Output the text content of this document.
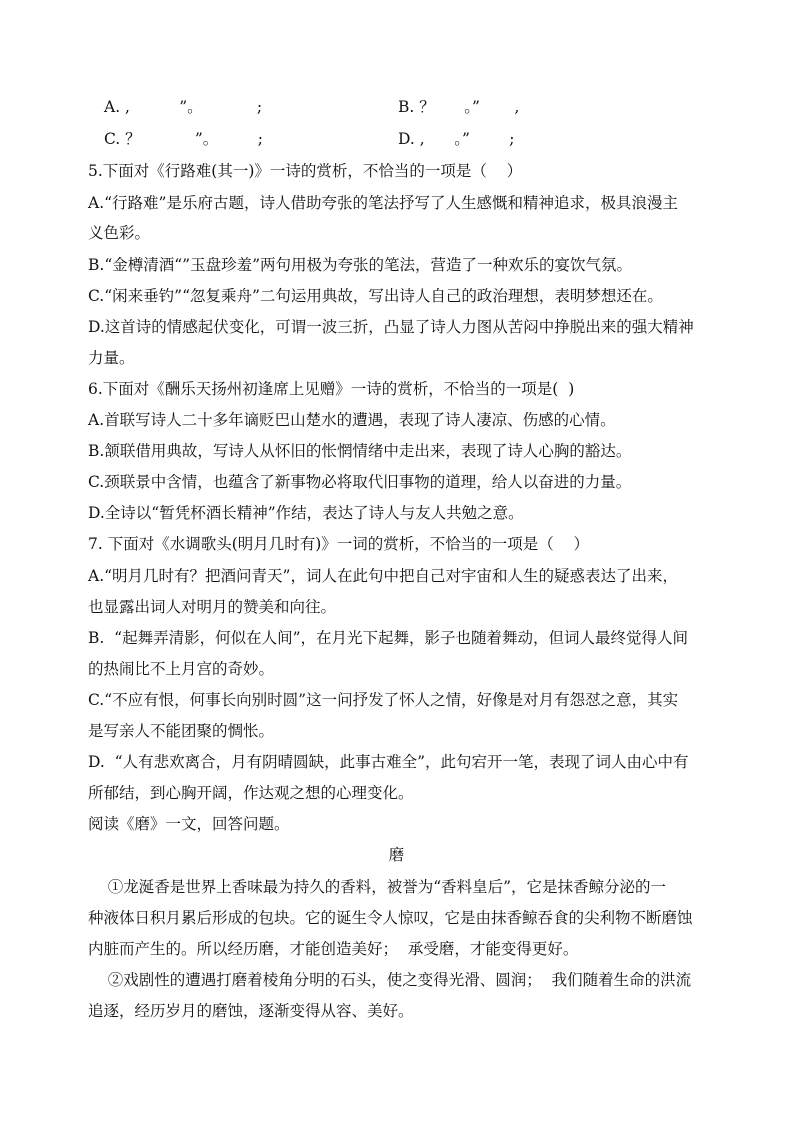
A. ,          ”。           ;	B. ？      。”       ,
C. ？           ”。        ;	D. ,      。”        ;
5.下面对《行路难(其一)》一诗的赏析，不恰当的一项是（    ）
A.“行路难”是乐府古题，诗人借助夸张的笔法抒写了人生感慨和精神追求，极具浪漫主
义色彩。
B.“金樽清酒“”玉盘珍羞”两句用极为夸张的笔法，营造了一种欢乐的宴饮气氛。
C.“闲来垂钓”“忽复乘舟”二句运用典故，写出诗人自己的政治理想，表明梦想还在。
D.这首诗的情感起伏变化，可谓一波三折，凸显了诗人力图从苦闷中挣脱出来的强大精神
力量。
6.下面对《酬乐天扬州初逢席上见赠》一诗的赏析，不恰当的一项是(  )
A.首联写诗人二十多年谪贬巴山楚水的遭遇，表现了诗人凄凉、伤感的心情。
B.颔联借用典故，写诗人从怀旧的怅惘情绪中走出来，表现了诗人心胸的豁达。
C.颈联景中含情，也蕴含了新事物必将取代旧事物的道理，给人以奋进的力量。
D.全诗以“暂凭杯酒长精神”作结，表达了诗人与友人共勉之意。
7. 下面对《水调歌头(明月几时有)》一词的赏析，不恰当的一项是（    ）
A.“明月几时有？把酒问青天”，词人在此句中把自己对宇宙和人生的疑惑表达了出来，
也显露出词人对明月的赞美和向往。
B.  “起舞弄清影，何似在人间”，在月光下起舞，影子也随着舞动，但词人最终觉得人间
的热闹比不上月宫的奇妙。
C.“不应有恨，何事长向别时圆”这一问抒发了怀人之情，好像是对月有怨怼之意，其实
是写亲人不能团聚的惆怅。
D.  “人有悲欢离合，月有阴晴圆缺，此事古难全”，此句宕开一笔，表现了词人由心中有
所郁结，到心胸开阔，作达观之想的心理变化。
阅读《磨》一文，回答问题。
磨
①龙涎香是世界上香味最为持久的香料，被誉为“香料皇后”，它是抹香鲸分泌的一
种液体日积月累后形成的包块。它的诞生令人惊叹，它是由抹香鲸吞食的尖利物不断磨蚀
内脏而产生的。所以经历磨，才能创造美好；  承受磨，才能变得更好。
②戏剧性的遭遇打磨着棱角分明的石头，使之变得光滑、圆润；  我们随着生命的洪流
追逐，经历岁月的磨蚀，逐渐变得从容、美好。
